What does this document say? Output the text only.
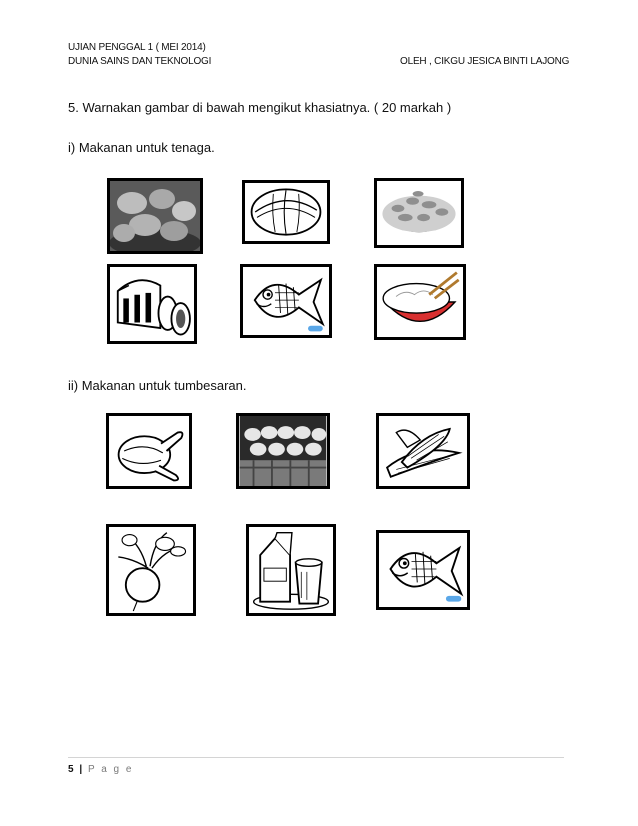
UJIAN PENGGAL 1 ( MEI 2014)
DUNIA SAINS DAN TEKNOLOGI	OLEH , CIKGU JESICA BINTI LAJONG
5. Warnakan gambar di bawah mengikut khasiatnya. ( 20 markah )
i) Makanan untuk tenaga.
ii) Makanan untuk tumbesaran.
5 | P a g e
